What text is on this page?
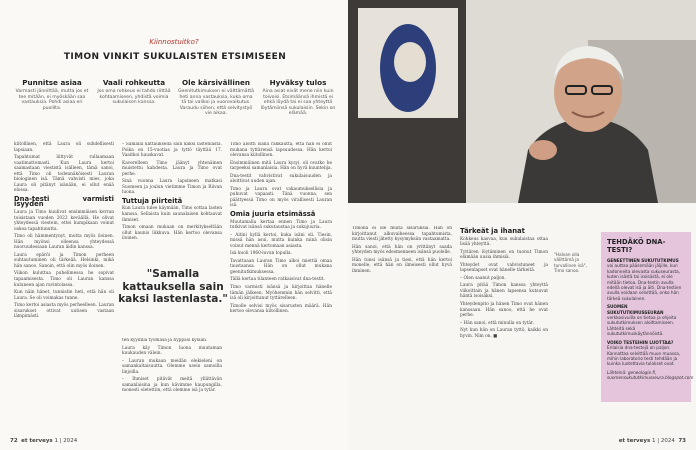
Kiinnostuitko?
TIMON VINKIT SUKULAISTEN ETSIMISEEN
Punnitse asiaa

Varmasti jännittää, mutta jos et tee mitään, ei myöskään saa vastauksia. Pohdi asiaa eri puolilta.

Vaali rohkeutta

Jos oma rohkeus ei tahdo riittää kohtaamiseen, yhdistä voimia sukulaisen kanssa.

Ole kärsivällinen

Geenitutkimuksen ei välttämättä heti anna vastauksia, kuka oma tä tai valikoi ja vuorovaikutus. Varaudu siihen, että selvitystyö vie aikaa.

Hyväksy tulos

Aina asiat eivät mene niin kuin toivoisi. Etsimäänsä ihmistä ei ehkä löydä tai ei saa yhteyttä löytämiinsä sukulaisiin. Sekin on elämää.

kiitollinen, että Laura oli suhdellisesti lapsiaan.

Tapahtumat liittyvät rullaamaan vaatimattomasti. Kun Laura kertoi saamastaan viestistä isälleen, tämä sanoi, että Timo oli todennäköisesti Lauran biologinen isä. Tämä vahvisti mies, joka Laura oli pitänyt isänään, ei ollut enää elossa.

Dna-testi varmisti isyyden

Laura ja Timo kuulivat ensimmäisen kerran toisistaan vuoden 2022 keväällä. He olivat yhteydessä viestein, ettei kumpikaan voinut uskoa tapahtunutta.

Timo oli hämmentynyt, mutta myös iloinen. Hän myönsi olleensa yhteydessä nuoruudessaan Lauran äidin kanssa.

Laura epäröi ja Timon perheen suhtautuminen oli tärkeää. Helsinki, mikä hän sanoo. Sanoin, että olin myös iloinen.

Viikon kuluttua puhelimessa he sopivat tapaamisesta. Timo oli Lauran kanssa kuluneen ajan ravintolassa.

Kun näin hänet, tunnistin heti, että hän oli Laura. Se oli voimakas tunne.

Timo kertoi asiasta myös perheelleen. Lauran sisarukset ottivat uutisen vastaan lämpimästi.

– Samalla kattauksella sain kaksi lastenlasta. Poika on 15-vuotias ja tyttö täyttää 17. Vaaitkoi hauskavat.

Kaverelleen Timo jäänyt yhtenäinen muistettu kahdesta. Laura ja Timo ovat perhe.

Sinä vuonna Laura lapsineen matkasi Suomeen ja joulun vietimme Timon ja Riivan luona.

Tuttuja piirteitä

Kun Laura tulee käymään, Timo sottaa lasten kanssa. Sellaista kuin saunalaisen kohtaavat ihmiset.

Timon omaan mukaan on merkitykseltään ollut kaunis liikkuva. Hän kertoo olevansa iloinen.

"Samalla kattauksella sain kaksi lastenlasta."

ten kyydillä työmäsä ja hyppäsi kylään.

Laura käy Timon luona muutaman kuukauden välein.

– Lauran mukaan meidän elekieleni on samankaltaisuutta. Olemme usein samoilla linjoilla.

– Ihmiset pitävät meitä yllättävän samanlaisina ja kun kävimme kaupungilla, monesti oletettiin, että olemme isä ja tytär.

Timo aloitti isänä rakkautta, että hän ei ollut mukana tyttärensä lapsuudessa. Hän kertoi olevansa kiitollinen.

Ensimmäinen mitä Laura kysyi, oli ovatko he tarpeeksi samanlaisia. Hän on hyvä kuuntelija.

Dna-testit vahvistivat sukulaisuuden ja aloittivat uuden ajan.

Timo ja Laura ovat vakaumuksellisia ja puhuvat vapaasti. Tänä vuonna, sen päättyessä Timo on myös virallisesti Lauran isä.

Omia juuria etsimässä

Muutamalla kertaa ennen Timo ja Laura tutkivat isänsä sukutaustaa ja sukujuuria.

– Aitini kyllä kertoi, kuka isäni oli. Tiesin, missä hän asui, mutta kuinka minä olisin voinut mennä kertomaan asiasta.

Isä kuoli 1960-luvun lopulla.

Tavattuaan Lauran Timo alkoi miettiä omaa taustaansa. Hän on ollut mukana geenitutkimuksessa.

Tällä kertaa tilanteen ratkaisivat dna-testit.

Timo varmisti isänsä ja kirjoittaa hänelle tämän jälkeen. Myöhemmin hän selvitti, että isä oli kirjoittanut tyttärelleen.

Timolle selvisi myös sisarusten määrä. Hän kertoo olevansa kiitollinen.

72 et terveys 1 | 2024

Timolla ei ole muita sisaruksia. Hän on kirjoittanut alkuvaiheessa tapahtumista, mutta viesti jätetty kysymyksiin vastaamatta.

Hän sanoi, että hän on yrittänyt saada yhteyden myös edesmenneen isänsä puolelle.

Hän tunsi isänsä ja tiesi, että hän kertoi monelle, että hän on ilmeisesti ollut hyvä ihminen.

Tärkeät ja ihanat

Kohkeus kasvaa, kun sukulaistaa ottaa lisää yhteyttä.

Tyttären löytäminen on tuonut Timon elämään uusia ihmisiä.

Yhteydet ovat vahvistuneet ja lapsenlapset ovat hänelle tärkeitä.

– Olen saanut paljon.

Laura pitää Timon kanssa yhteyttä viikoittain ja hänen lapsensa kutsuvat häntä isoisäksi.

Yhteydenpito ja hänen Timo ovat hänen kanssaan. Hän sanoo, että he ovat perhe.

– Hän sanoi, että minulla on tytär.

Nyt kun hän on Lauran tyttö, kaikki on hyvin. Nim on. ■

"Halvan olla välittämä ja turvallinen isä", Timo sanoo.
TEHDÄKÖ DNA-TESTI?

GENEETTINEN SUKUTUTKIMUS voi auttaa pääsemään jäljille, kun kadonneita olevasta sukuseurasta, kuten isästä tai isoisästä, ei ole mitään tietoa. Dna-testin avulla edellä olevat isä ja äiti. Dna-testien avulla voidaan selvittää, onko hän tärkeä sukulainen.

SUOMEN SUKUTUTKIMUSSEURAN verkkosivuilla on tietoa ja ohjeita sukututkimuksen aloittamiseen. Lähteitä sekä sukututkimuskäytännöistä.

VOIKO TESTEIHIN LUOTTAA? Erilaisia dna-testejä on paljon. Kannattaa selvittää muun muassa, mihin laboratorio testi tehdään ja kuinka luotettavia tulokset ovat.

Lähteinä: geneologie.fi, suomensukututkimusseura.blogspot.com

et terveys 1 | 2024 73
